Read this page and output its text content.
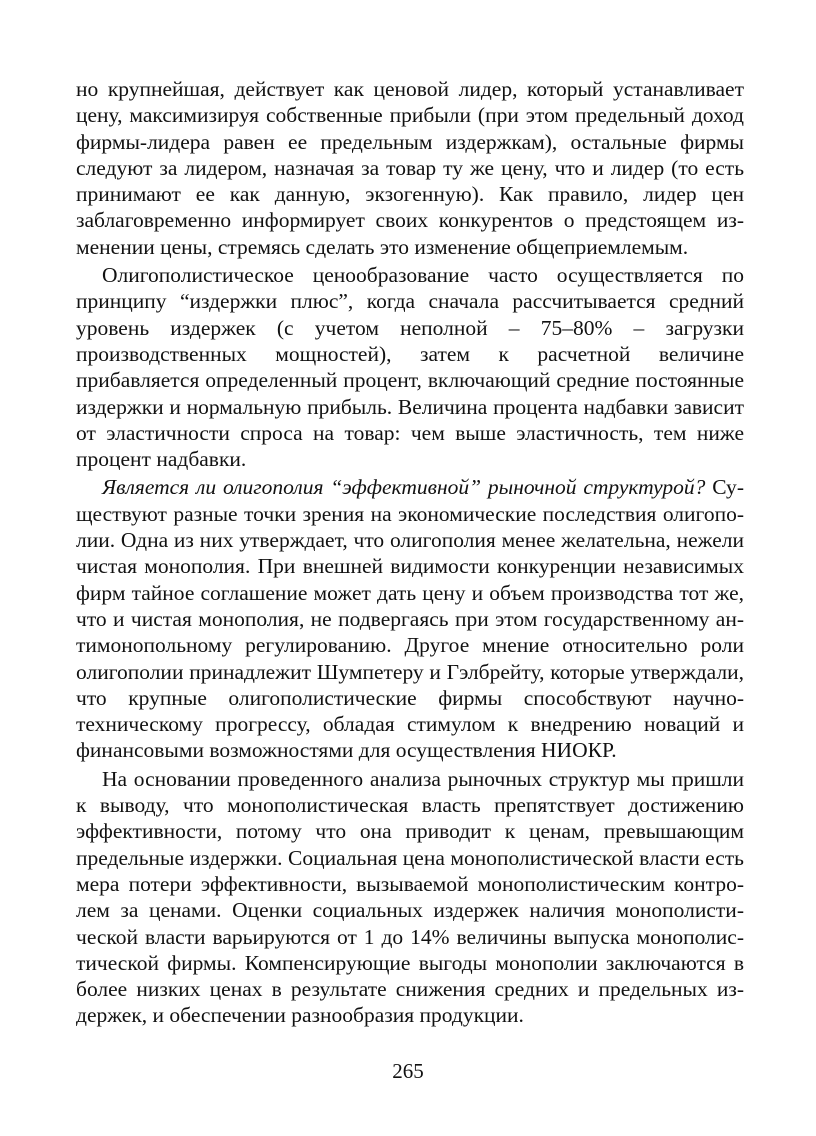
но крупнейшая, действует как ценовой лидер, который устанавливает цену, максимизируя собственные прибыли (при этом предельный доход фирмы-лидера равен ее предельным издержкам), остальные фирмы следуют за лидером, назначая за товар ту же цену, что и лидер (то есть принимают ее как данную, экзогенную). Как правило, лидер цен заблаговременно информирует своих конкурентов о предстоящем изменении цены, стремясь сделать это изменение общеприемлемым.

Олигополистическое ценообразование часто осуществляется по принципу “издержки плюс”, когда сначала рассчитывается средний уровень издержек (с учетом неполной – 75–80% – загрузки производственных мощностей), затем к расчетной величине прибавляется определенный процент, включающий средние постоянные издержки и нормальную прибыль. Величина процента надбавки зависит от эластичности спроса на товар: чем выше эластичность, тем ниже процент надбавки.

Является ли олигополия “эффективной” рыночной структурой? Существуют разные точки зрения на экономические последствия олигополии. Одна из них утверждает, что олигополия менее желательна, нежели чистая монополия. При внешней видимости конкуренции независимых фирм тайное соглашение может дать цену и объем производства тот же, что и чистая монополия, не подвергаясь при этом государственному антимонопольному регулированию. Другое мнение относительно роли олигополии принадлежит Шумпетеру и Гэлбрейту, которые утверждали, что крупные олигополистические фирмы способствуют научно-техническому прогрессу, обладая стимулом к внедрению новаций и финансовыми возможностями для осуществления НИОКР.

На основании проведенного анализа рыночных структур мы пришли к выводу, что монополистическая власть препятствует достижению эффективности, потому что она приводит к ценам, превышающим предельные издержки. Социальная цена монополистической власти есть мера потери эффективности, вызываемой монополистическим контролем за ценами. Оценки социальных издержек наличия монополистической власти варьируются от 1 до 14% величины выпуска монополистической фирмы. Компенсирующие выгоды монополии заключаются в более низких ценах в результате снижения средних и предельных издержек, и обеспечении разнообразия продукции.

265
